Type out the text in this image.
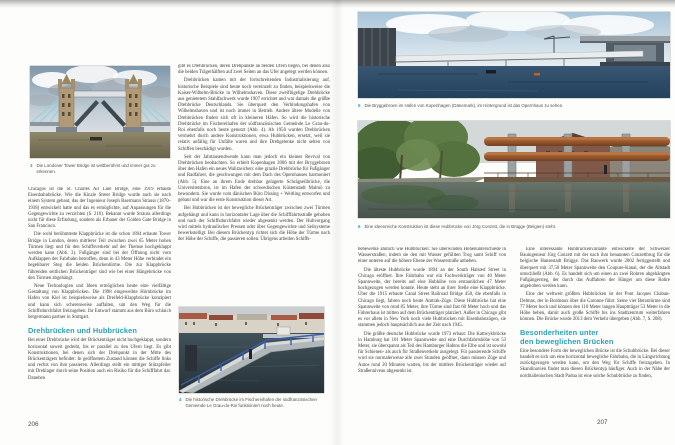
3 Die Londoner Tower Bridge ist weltberühmt und immer gut zu erkennen.

Chicagos ist die St. Charles Air Line Bridge, eine 1919 erbaute Eisenbahnbrücke. Wie die Kinzie Street Bridge wurde auch sie nach einem System gebaut, das der Ingenieur Joseph Baermann Strauss (1870–1938) entwickelt hatte und das es ermöglichte, auf Anpassungen für die Gegengewichte zu verzichten (S. 210). Bekannt wurde Strauss allerdings nicht für diese Erfindung, sondern als Erbauer der Golden Gate Bridge in San Francisco.

Die wohl berühmteste Klappbrücke ist die schon 1894 erbaute Tower Bridge in London, deren mittlerer Teil zwischen zwei 65 Meter hohen Türmen liegt und für den Schiffsverkehr auf der Themse hochgeklappt werden kann (Abb. 3). Fußgänger sind bei der Öffnung nicht vom Aufklappen der Fahrbahn betroffen, denn in 43 Meter Höhe verbindet ein begehbarer Steg die beiden Brückentürme. Die zur Klappbrücke führenden seitlichen Brückenträger sind wie bei einer Hängebrücke von den Türmen abgehängt.

Neue Technologien und Ideen ermöglichen heute eine vielfältige Gestaltung von Klappbrücken. Die 1998 eingeweihte Hörnbrücke im Hafen von Kiel ist beispielsweise als Dreifeld-Klappbrücke konzipiert und kann sich scherenweise auffalten, um den Weg für die Schiffsdurchfahrt freizugeben. Ihr Entwurf stammt aus dem Büro schlaich bergermann partner in Stuttgart.

Drehbrücken und Hubbrücken

Bei einer Drehbrücke wird der Brückenträger nicht hochgeklappt, sondern horizontal soweit gedreht, bis er parallel zu den Ufern liegt. Es gibt Konstruktionen, bei denen sich der Drehpunkt in der Mitte des Brückenträgers befindet: In geöffnetem Zustand können die Schiffe links und rechts von ihm passieren. Allerdings stellt ein mittiger Stützpfeiler mit Drehlager durch seine Position auch ein Risiko für die Schifffahrt dar. Daneben

gibt es Drehbrücken, deren Drehpunkte an beiden Ufern liegen, bei denen also die beiden Trägerhälften auf zwei Seiten an das Ufer angelegt werden können.

Drehbrücken kamen mit der fortschreitenden Industrialisierung auf, historische Beispiele sind heute noch vereinzelt zu finden, beispielsweise die Kaiser-Wilhelm-Brücke in Wilhelmshaven. Diese zweiflügelige Drehbrücke aus genietetem Stahlfachwerk wurde 1907 errichtet und war damals die größte Drehbrücke Deutschlands. Sie überquert den Verbindungshafen von Wilhelmshaven und ist noch immer in Betrieb. Andere ältere Modelle von Drehbrücken finden sich oft in kleineren Häfen. So wird die historische Drehbrücke im Fischereihafen der südfranzösischen Gemeinde Le Grau-du-Roi ebenfalls noch heute genutzt (Abb. 4). Ab 1950 wurden Drehbrücken vermehrt durch andere Konstruktionen, etwa Hubbrücken, ersetzt, weil sie relativ anfällig für Unfälle waren und ihre Drehgelenke nicht selten von Schiffen beschädigt wurden.

Seit der Jahrtausendwende kann man jedoch ein kleines Revival von Drehbrücken beobachten. So erhielt Kopenhagen 2006 mit der Bryggebroen über den Hafen ein neues Wahrzeichen: eine grazile Drehbrücke für Fußgänger und Radfahrer, die geschwungen mit dem Dach des Opernhauses harmoniert (Abb. 5). Eine an ihrem Ende drehbar gelagerte Schrägseilbrücke, die Universitetsbron, ist im Hafen der schwedischen Küstenstadt Malmö zu bewundern. Sie wurde vom dänischen Büro Dissing + Weitling entworfen und gebaut und war die erste Konstruktion dieser Art.

Bei Hubbrücken ist der bewegliche Brückenträger zwischen zwei Türmen aufgehängt und kann in horizontaler Lage über die Schifffahrtsstraße gehoben und nach der Schiffsdurchfahrt wieder abgesenkt werden. Der Hubvorgang wird mittels hydraulischer Pressen oder über Gegengewichte und Seilsysteme bewerkstelligt. Bei diesem Brückentyp richtet sich die Höhe der Türme nach der Höhe der Schiffe, die passieren sollen. Übrigens arbeiten Schiffs-

4 Die historische Drehbrücke im Fischereihafen der südfranzösischen Gemeinde Le Grau-du-Roi funktioniert noch heute.
206
5 Die Bryggebroen im Hafen von Kopenhagen (Dänemark), im Hintergrund ist das Opernhaus zu sehen.
6 Eine ideenreiche Konstruktion ist diese Hubbrücke von Jörg Conzett, die in Brügge (Belgien) steht.

hebewerke ähnlich wie Hubbrücken: Sie überwinden Höhenunterschiede in Wasserstraßen, indem sie den mit Wasser gefüllten Trog samt Schiff von einer unteren auf die höhere Ebene der Wasserstraße anheben.

Die älteste Hubbrücke wurde 1894 an der South Halsted Street in Chicago eröffnet. Ihre Fahrbahn war ein Fachwerkträger von 40 Meter Spannweite, der bereits auf eine Hubhöhe von erstaunlichen 47 Meter hochgezogen werden konnte. Heute steht an ihrer Stelle eine Klappbrücke. Über die 1915 erbaute Canal Street Railroad Bridge 458, die ebenfalls in Chicago liegt, fahren noch heute Amtrak-Züge. Diese Hubbrücke hat eine Spannweite von rund 85 Meter, ihre Türme sind fast 60 Meter hoch und das Führerhaus ist mitten auf dem Brückenträger platziert. Außer in Chicago gibt es vor allem in New York noch viele Hubbrücken mit Eisenbahnzügen, sie stammen jedoch hauptsächlich aus der Zeit nach 1945.

Die größte deutsche Hubbrücke wurde 1973 erbaut: Die Kattwykbrücke in Hamburg hat 101 Meter Spannweite und eine Durchfahrtshöhe von 53 Meter, sie überspannt als Teil des Hamburger Hafens die Elbe und ist sowohl für Schienen- als auch für Straßenverkehr ausgelegt. Für passierende Schiffe wird sie normalerweise alle zwei Stunden geöffnet, dann müssen Züge und Autos rund 20 Minuten warten, bis der mittlere Brückenträger wieder auf Straßenniveau abgesenkt ist.

Eine interessante Hubbrückenvariante entwickelte der Schweizer Bauingenieur Jürg Conzett mit der nach ihm benannten Conzettbrug für die belgische Hansestadt Brügge. Das Bauwerk wurde 2002 fertiggestellt und überquert mit 37,50 Meter Spannweite den Coupure-Kanal, der die Altstadt umschließt (Abb. 6). Es handelt sich um einen an zwei Rohren abgehängten Fußgängersteg, der durch das Auffahren der Hänger um diese Rohre angehoben werden kann.

Eine der weltweit größten Hubbrücken ist der Pont Jacques Chaban-Delmas, der in Bordeaux über die Garonne führt. Seine vier Betontürme sind 77 Meter hoch und können den 110 Meter langen Hauptträger 53 Meter in die Höhe heben, damit auch große Schiffe bis ins Stadtzentrum weiterfahren können. Die Brücke wurde 2013 dem Verkehr übergeben (Abb. 7, S. 208).

Besonderheiten unter
den beweglichen Brücken

Eine besondere Form der beweglichen Brücke ist die Schubbrücke. Bei dieser handelt es sich um eine horizontal bewegliche Fahrbahn, die in Längsrichtung zurückgezogen werden kann, um den Weg für Schiffe freizugeben. In Skandinavien findet man diesen Brückentyp häufiger. Auch in der Nähe der norditalienischen Stadt Padua ist eine solche Schubbrücke zu finden,

207
